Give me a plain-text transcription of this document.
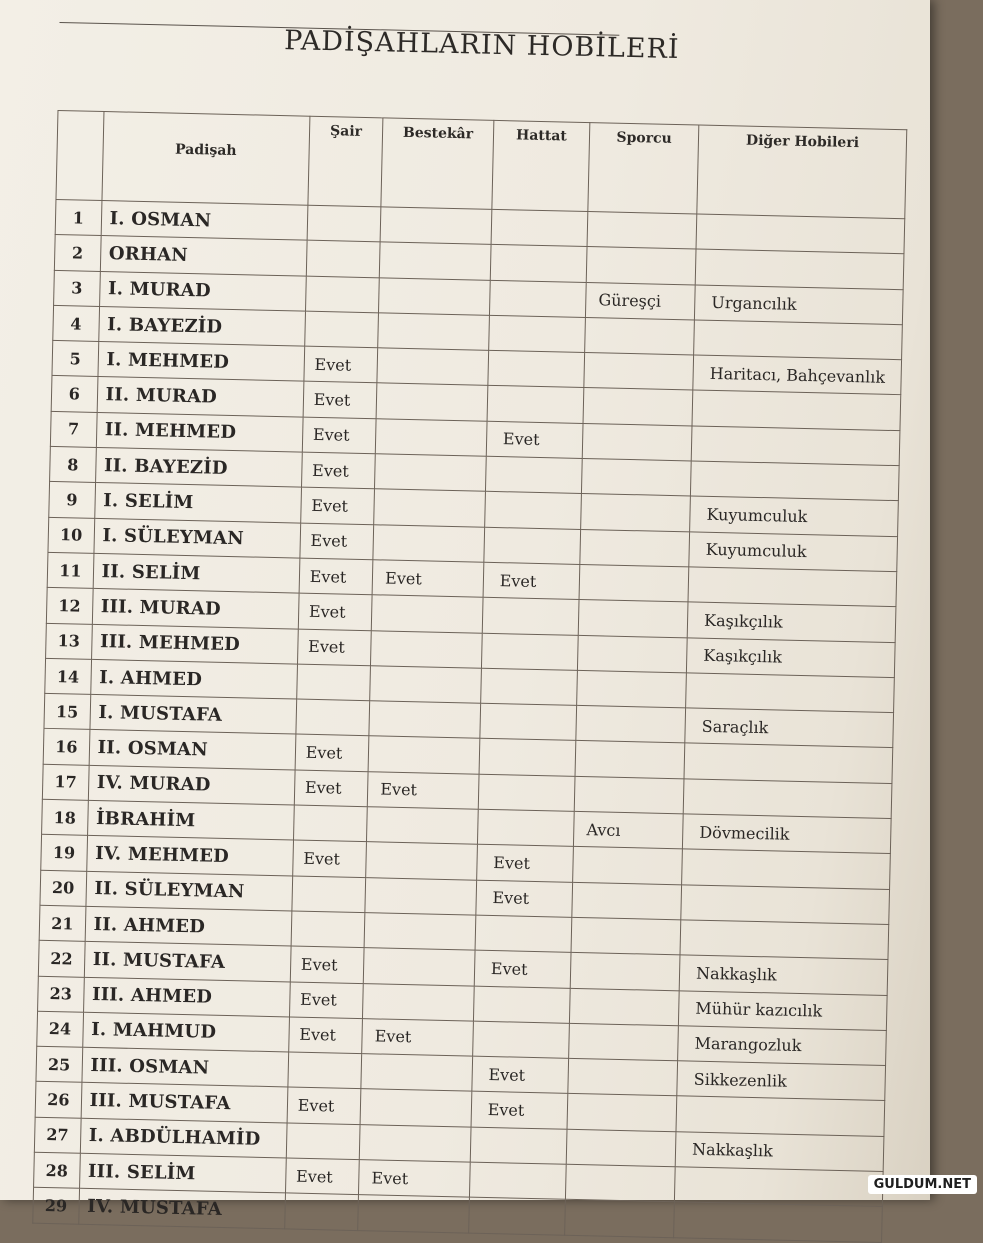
PADİŞAHLARIN HOBİLERİ
	Padişah	Şair	Bestekâr	Hattat	Sporcu	Diğer Hobileri
1	I. OSMAN					
2	ORHAN					
3	I. MURAD				Güreşçi	Urgancılık
4	I. BAYEZİD					
5	I. MEHMED	Evet				Haritacı, Bahçevanlık
6	II. MURAD	Evet				
7	II. MEHMED	Evet		Evet		
8	II. BAYEZİD	Evet				
9	I. SELİM	Evet				Kuyumculuk
10	I. SÜLEYMAN	Evet				Kuyumculuk
11	II. SELİM	Evet	Evet	Evet		
12	III. MURAD	Evet				Kaşıkçılık
13	III. MEHMED	Evet				Kaşıkçılık
14	I. AHMED					
15	I. MUSTAFA					Saraçlık
16	II. OSMAN	Evet				
17	IV. MURAD	Evet	Evet			
18	İBRAHİM				Avcı	Dövmecilik
19	IV. MEHMED	Evet		Evet		
20	II. SÜLEYMAN			Evet		
21	II. AHMED					
22	II. MUSTAFA	Evet		Evet		Nakkaşlık
23	III. AHMED	Evet				Mühür kazıcılık
24	I. MAHMUD	Evet	Evet			Marangozluk
25	III. OSMAN			Evet		Sikkezenlik
26	III. MUSTAFA	Evet		Evet		
27	I. ABDÜLHAMİD					Nakkaşlık
28	III. SELİM	Evet	Evet			
29	IV. MUSTAFA					
GULDUM.NET
